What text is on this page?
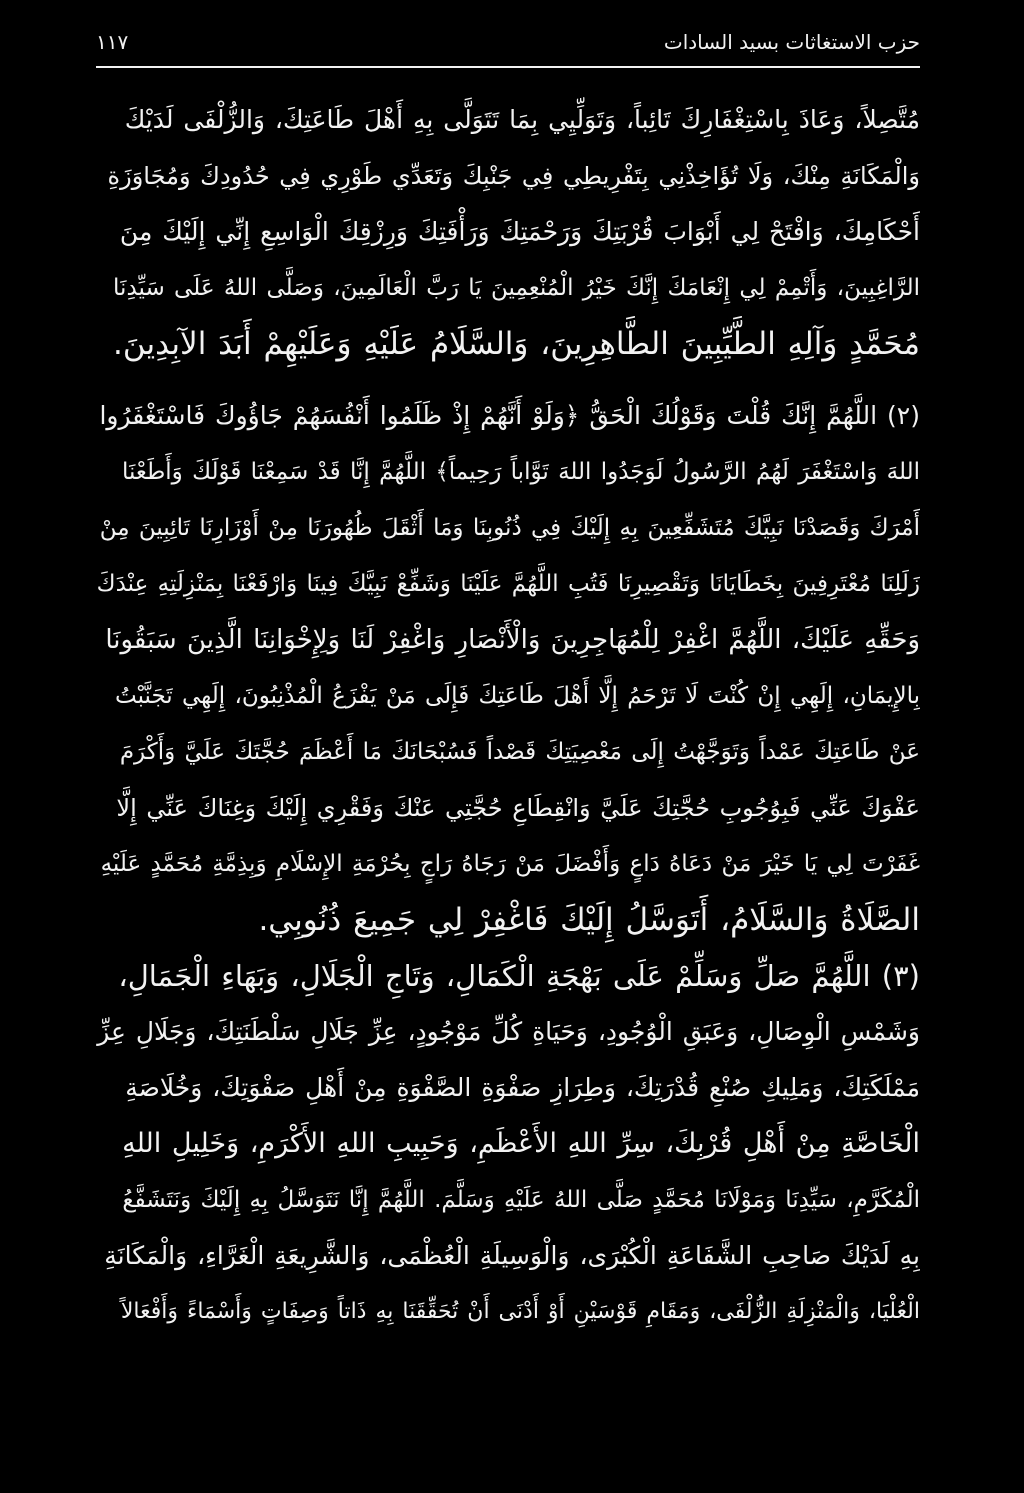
١١٧	حزب الاستغاثات بسيد السادات
مُتَّصِلاً، وَعَاذَ بِاسْتِغْفَارِكَ تَائِباً، وَتَوَلِّيِي بِمَا تَتَوَلَّى بِهِ أَهْلَ طَاعَتِكَ، وَالزُّلْفَى لَدَيْكَ
وَالْمَكَانَةِ مِنْكَ، وَلَا تُؤَاخِذْنِي بِتَفْرِيطِي فِي جَنْبِكَ وَتَعَدِّي طَوْرِي فِي حُدُودِكَ وَمُجَاوَزَةِ
أَحْكَامِكَ، وَافْتَحْ لِي أَبْوَابَ قُرْبَتِكَ وَرَحْمَتِكَ وَرَأْفَتِكَ وَرِزْقِكَ الْوَاسِعِ إِنِّي إِلَيْكَ مِنَ
الرَّاغِبِينَ، وَأَتْمِمْ لِي إِنْعَامَكَ إِنَّكَ خَيْرُ الْمُنْعِمِينَ يَا رَبَّ الْعَالَمِينَ، وَصَلَّى اللهُ عَلَى سَيِّدِنَا
مُحَمَّدٍ وَآلِهِ الطَّيِّبِينَ الطَّاهِرِينَ، وَالسَّلَامُ عَلَيْهِ وَعَلَيْهِمْ أَبَدَ الآبِدِينَ.
(٢) اللَّهُمَّ إِنَّكَ قُلْتَ وَقَوْلُكَ الْحَقُّ ﴿وَلَوْ أَنَّهُمْ إِذْ ظَلَمُوا أَنْفُسَهُمْ جَاؤُوكَ فَاسْتَغْفَرُوا
اللهَ وَاسْتَغْفَرَ لَهُمُ الرَّسُولُ لَوَجَدُوا اللهَ تَوَّاباً رَحِيماً﴾ اللَّهُمَّ إِنَّا قَدْ سَمِعْنَا قَوْلَكَ وَأَطَعْنَا
أَمْرَكَ وَقَصَدْنَا نَبِيَّكَ مُتَشَفِّعِينَ بِهِ إِلَيْكَ فِي ذُنُوبِنَا وَمَا أَثْقَلَ ظُهُورَنَا مِنْ أَوْزَارِنَا تَائِبِينَ مِنْ
زَلَلِنَا مُعْتَرِفِينَ بِخَطَايَانَا وَتَقْصِيرِنَا فَتُبِ اللَّهُمَّ عَلَيْنَا وَشَفِّعْ نَبِيَّكَ فِينَا وَارْفَعْنَا بِمَنْزِلَتِهِ عِنْدَكَ
وَحَقِّهِ عَلَيْكَ، اللَّهُمَّ اغْفِرْ لِلْمُهَاجِرِينَ وَالْأَنْصَارِ وَاغْفِرْ لَنَا وَلِإِخْوَانِنَا الَّذِينَ سَبَقُونَا
بِالإِيمَانِ، إِلَهِي إِنْ كُنْتَ لَا تَرْحَمُ إِلَّا أَهْلَ طَاعَتِكَ فَإِلَى مَنْ يَفْزَعُ الْمُذْنِبُونَ، إِلَهِي تَجَنَّبْتُ
عَنْ طَاعَتِكَ عَمْداً وَتَوَجَّهْتُ إِلَى مَعْصِيَتِكَ قَصْداً فَسُبْحَانَكَ مَا أَعْظَمَ حُجَّتَكَ عَلَيَّ وَأَكْرَمَ
عَفْوَكَ عَنِّي فَبِوُجُوبِ حُجَّتِكَ عَلَيَّ وَانْقِطَاعِ حُجَّتِي عَنْكَ وَفَقْرِي إِلَيْكَ وَغِنَاكَ عَنِّي إِلَّا
غَفَرْتَ لِي يَا خَيْرَ مَنْ دَعَاهُ دَاعٍ وَأَفْضَلَ مَنْ رَجَاهُ رَاجٍ بِحُرْمَةِ الإِسْلَامِ وَبِذِمَّةِ مُحَمَّدٍ عَلَيْهِ
الصَّلَاةُ وَالسَّلَامُ، أَتَوَسَّلُ إِلَيْكَ فَاغْفِرْ لِي جَمِيعَ ذُنُوبِي.
(٣) اللَّهُمَّ صَلِّ وَسَلِّمْ عَلَى بَهْجَةِ الْكَمَالِ، وَتَاجِ الْجَلَالِ، وَبَهَاءِ الْجَمَالِ،
وَشَمْسِ الْوِصَالِ، وَعَبَقِ الْوُجُودِ، وَحَيَاةِ كُلِّ مَوْجُودٍ، عِزِّ جَلَالِ سَلْطَنَتِكَ، وَجَلَالِ عِزِّ
مَمْلَكَتِكَ، وَمَلِيكِ صُنْعِ قُدْرَتِكَ، وَطِرَازِ صَفْوَةِ الصَّفْوَةِ مِنْ أَهْلِ صَفْوَتِكَ، وَخُلَاصَةِ
الْخَاصَّةِ مِنْ أَهْلِ قُرْبِكَ، سِرِّ اللهِ الأَعْظَمِ، وَحَبِيبِ اللهِ الأَكْرَمِ، وَخَلِيلِ اللهِ
الْمُكَرَّمِ، سَيِّدِنَا وَمَوْلَانَا مُحَمَّدٍ صَلَّى اللهُ عَلَيْهِ وَسَلَّمَ. اللَّهُمَّ إِنَّا نَتَوَسَّلُ بِهِ إِلَيْكَ وَنَتَشَفَّعُ
بِهِ لَدَيْكَ صَاحِبِ الشَّفَاعَةِ الْكُبْرَى، وَالْوَسِيلَةِ الْعُظْمَى، وَالشَّرِيعَةِ الْغَرَّاءِ، وَالْمَكَانَةِ
الْعُلْيَا، وَالْمَنْزِلَةِ الزُّلْفَى، وَمَقَامِ قَوْسَيْنِ أَوْ أَدْنَى أَنْ تُحَقِّقَنَا بِهِ ذَاتاً وَصِفَاتٍ وَأَسْمَاءً وَأَفْعَالاً
